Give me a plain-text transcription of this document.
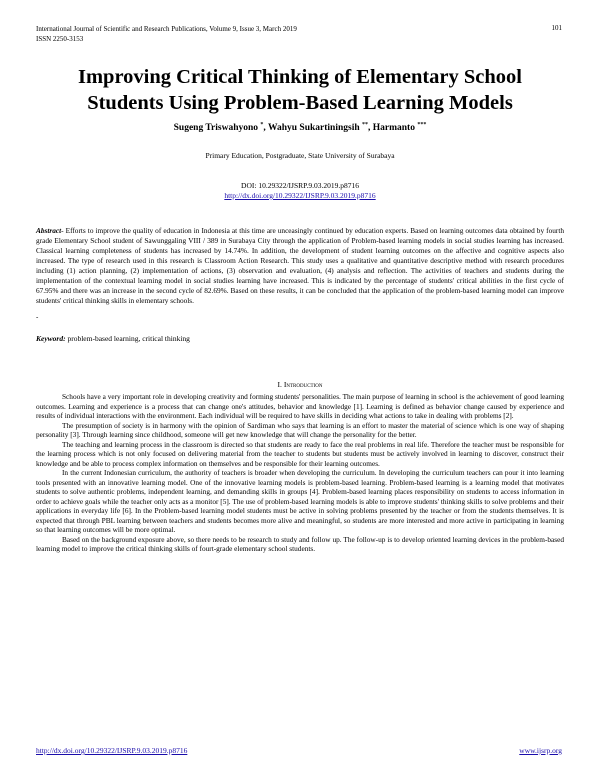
International Journal of Scientific and Research Publications, Volume 9, Issue 3, March 2019
ISSN 2250-3153
101
Improving Critical Thinking of Elementary School
Students Using Problem-Based Learning Models
Sugeng Triswahyono *, Wahyu Sukartiningsih **, Harmanto ***
Primary Education, Postgraduate, State University of Surabaya
DOI: 10.29322/IJSRP.9.03.2019.p8716
http://dx.doi.org/10.29322/IJSRP.9.03.2019.p8716
Abstract- Efforts to improve the quality of education in Indonesia at this time are unceasingly continued by education experts. Based on learning outcomes data obtained by fourth grade Elementary School student of Sawunggaling VIII / 389 in Surabaya City through the application of Problem-based learning models in social studies learning has increased. Classical learning completeness of students has increased by 14.74%. In addition, the development of student learning outcomes on the affective and cognitive aspects also increased. The type of research used in this research is Classroom Action Research. This study uses a qualitative and quantitative descriptive method with research procedures including (1) action planning, (2) implementation of actions, (3) observation and evaluation, (4) analysis and reflection. The activities of teachers and students during the implementation of the contextual learning model in social studies learning have increased. This is indicated by the percentage of students' critical abilities in the first cycle of 67.95% and there was an increase in the second cycle of 82.69%. Based on these results, it can be concluded that the application of the problem-based learning model can improve students' critical thinking skills in elementary schools.
-
Keyword: problem-based learning, critical thinking
I. Introduction

Schools have a very important role in developing creativity and forming students' personalities. The main purpose of learning in school is the achievement of good learning outcomes. Learning and experience is a process that can change one's attitudes, behavior and knowledge [1]. Learning is defined as behavior change caused by experience and results of individual interactions with the environment. Each individual will be required to have skills in deciding what actions to take in dealing with problems [2].

The presumption of society is in harmony with the opinion of Sardiman who says that learning is an effort to master the material of science which is one way of shaping personality [3]. Through learning since childhood, someone will get new knowledge that will change the personality for the better.

The teaching and learning process in the classroom is directed so that students are ready to face the real problems in real life. Therefore the teacher must be responsible for the learning process which is not only focused on delivering material from the teacher to students but students must be actively involved in learning to discover, construct their knowledge and be able to process complex information on themselves and be responsible for their learning outcomes.

In the current Indonesian curriculum, the authority of teachers is broader when developing the curriculum. In developing the curriculum teachers can pour it into learning tools presented with an innovative learning model. One of the innovative learning models is problem-based learning. Problem-based learning is a learning model that motivates students to solve authentic problems, independent learning, and demanding skills in groups [4]. Problem-based learning places responsibility on students to access information in order to achieve goals while the teacher only acts as a monitor [5]. The use of problem-based learning models is able to improve students' thinking skills to solve problems and their applications in everyday life [6]. In the Problem-based learning model students must be active in solving problems presented by the teacher or from the students themselves. It is expected that through PBL learning between teachers and students becomes more alive and meaningful, so students are more interested and more active in participating in learning so that learning outcomes will be more optimal.

Based on the background exposure above, so there needs to be research to study and follow up. The follow-up is to develop oriented learning devices in the problem-based learning model to improve the critical thinking skills of fourt-grade elementary school students.

http://dx.doi.org/10.29322/IJSRP.9.03.2019.p8716	www.ijsrp.org
